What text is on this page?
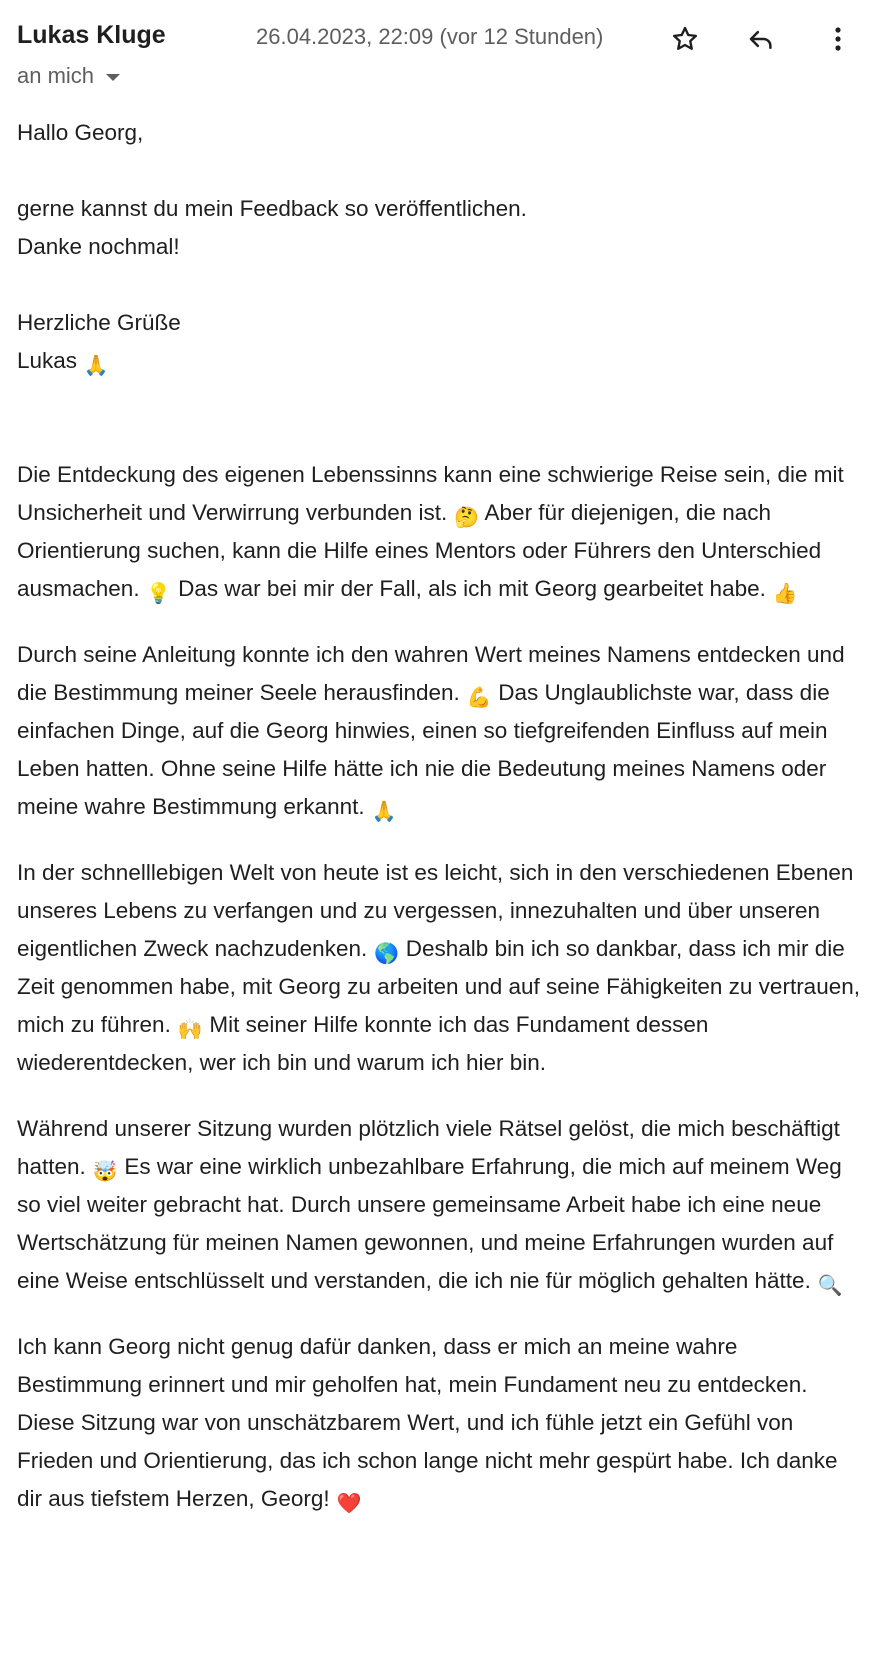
Lukas Kluge	26.04.2023, 22:09 (vor 12 Stunden)
an mich

Hallo Georg,

gerne kannst du mein Feedback so veröffentlichen.

Danke nochmal!

Herzliche Grüße

Lukas 🙏

Die Entdeckung des eigenen Lebenssinns kann eine schwierige Reise sein, die mit Unsicherheit und Verwirrung verbunden ist. 🤔 Aber für diejenigen, die nach Orientierung suchen, kann die Hilfe eines Mentors oder Führers den Unterschied ausmachen. 💡 Das war bei mir der Fall, als ich mit Georg gearbeitet habe. 👍

Durch seine Anleitung konnte ich den wahren Wert meines Namens entdecken und die Bestimmung meiner Seele herausfinden. 💪 Das Unglaublichste war, dass die einfachen Dinge, auf die Georg hinwies, einen so tiefgreifenden Einfluss auf mein Leben hatten. Ohne seine Hilfe hätte ich nie die Bedeutung meines Namens oder meine wahre Bestimmung erkannt. 🙏

In der schnelllebigen Welt von heute ist es leicht, sich in den verschiedenen Ebenen unseres Lebens zu verfangen und zu vergessen, innezuhalten und über unseren eigentlichen Zweck nachzudenken. 🌎 Deshalb bin ich so dankbar, dass ich mir die Zeit genommen habe, mit Georg zu arbeiten und auf seine Fähigkeiten zu vertrauen, mich zu führen. 🙌 Mit seiner Hilfe konnte ich das Fundament dessen wiederentdecken, wer ich bin und warum ich hier bin.

Während unserer Sitzung wurden plötzlich viele Rätsel gelöst, die mich beschäftigt hatten. 🤯 Es war eine wirklich unbezahlbare Erfahrung, die mich auf meinem Weg so viel weiter gebracht hat. Durch unsere gemeinsame Arbeit habe ich eine neue Wertschätzung für meinen Namen gewonnen, und meine Erfahrungen wurden auf eine Weise entschlüsselt und verstanden, die ich nie für möglich gehalten hätte. 🔍

Ich kann Georg nicht genug dafür danken, dass er mich an meine wahre Bestimmung erinnert und mir geholfen hat, mein Fundament neu zu entdecken. Diese Sitzung war von unschätzbarem Wert, und ich fühle jetzt ein Gefühl von Frieden und Orientierung, das ich schon lange nicht mehr gespürt habe. Ich danke dir aus tiefstem Herzen, Georg! ❤️
